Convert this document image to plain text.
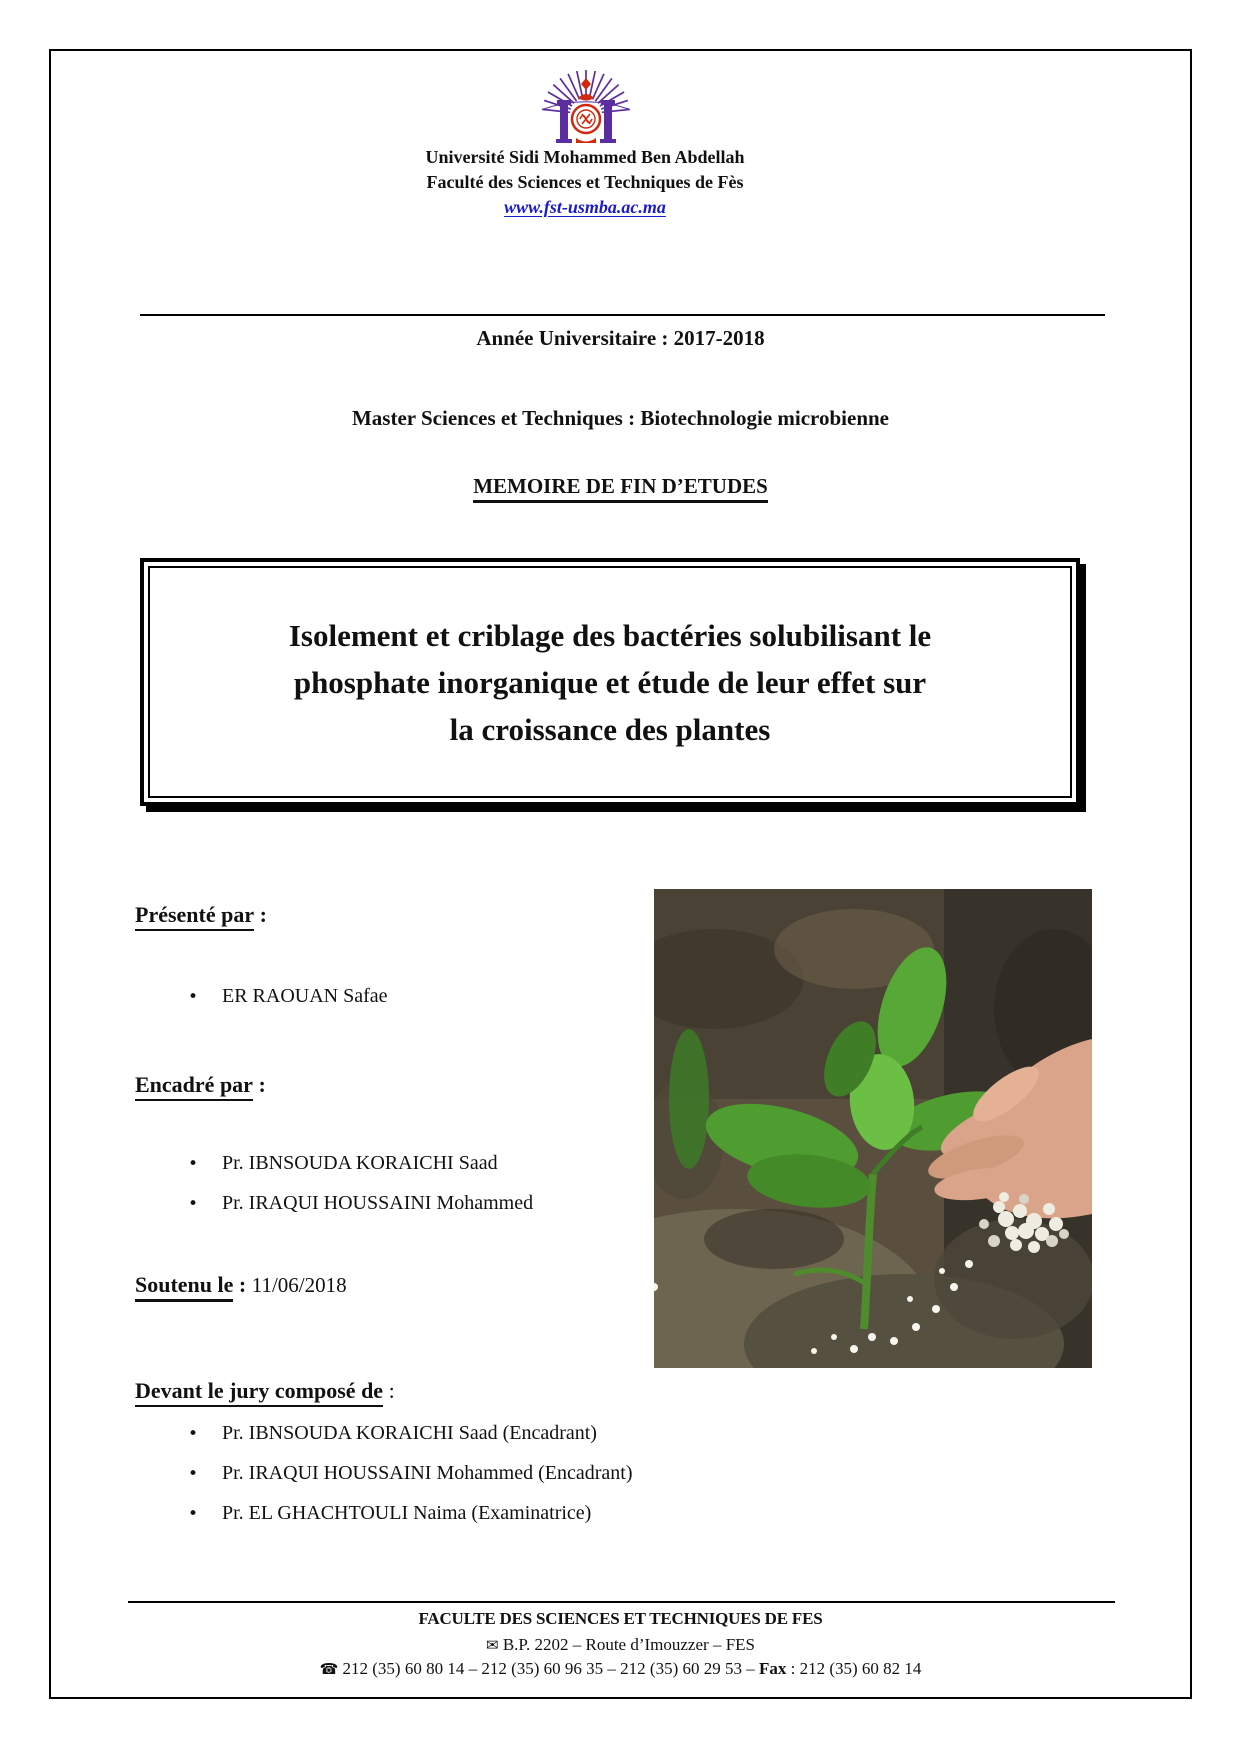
Université Sidi Mohammed Ben Abdellah
Faculté des Sciences et Techniques de Fès
www.fst-usmba.ac.ma
Année Universitaire : 2017-2018
Master Sciences et Techniques : Biotechnologie microbienne
MEMOIRE DE FIN D’ETUDES
Isolement et criblage des bactéries solubilisant le
phosphate inorganique et étude de leur effet sur
la croissance des plantes
Présenté par :
•	ER RAOUAN Safae
Encadré par :
•	Pr. IBNSOUDA KORAICHI Saad
•	Pr. IRAQUI HOUSSAINI Mohammed
Soutenu le : 11/06/2018
Devant le jury composé de :
•	Pr. IBNSOUDA KORAICHI Saad (Encadrant)
•	Pr. IRAQUI HOUSSAINI Mohammed (Encadrant)
•	Pr. EL GHACHTOULI Naima (Examinatrice)
FACULTE DES SCIENCES ET TECHNIQUES DE FES
✉ B.P. 2202 – Route d’Imouzzer – FES
☎ 212 (35) 60 80 14 – 212 (35) 60 96 35 – 212 (35) 60 29 53 – Fax : 212 (35) 60 82 14
